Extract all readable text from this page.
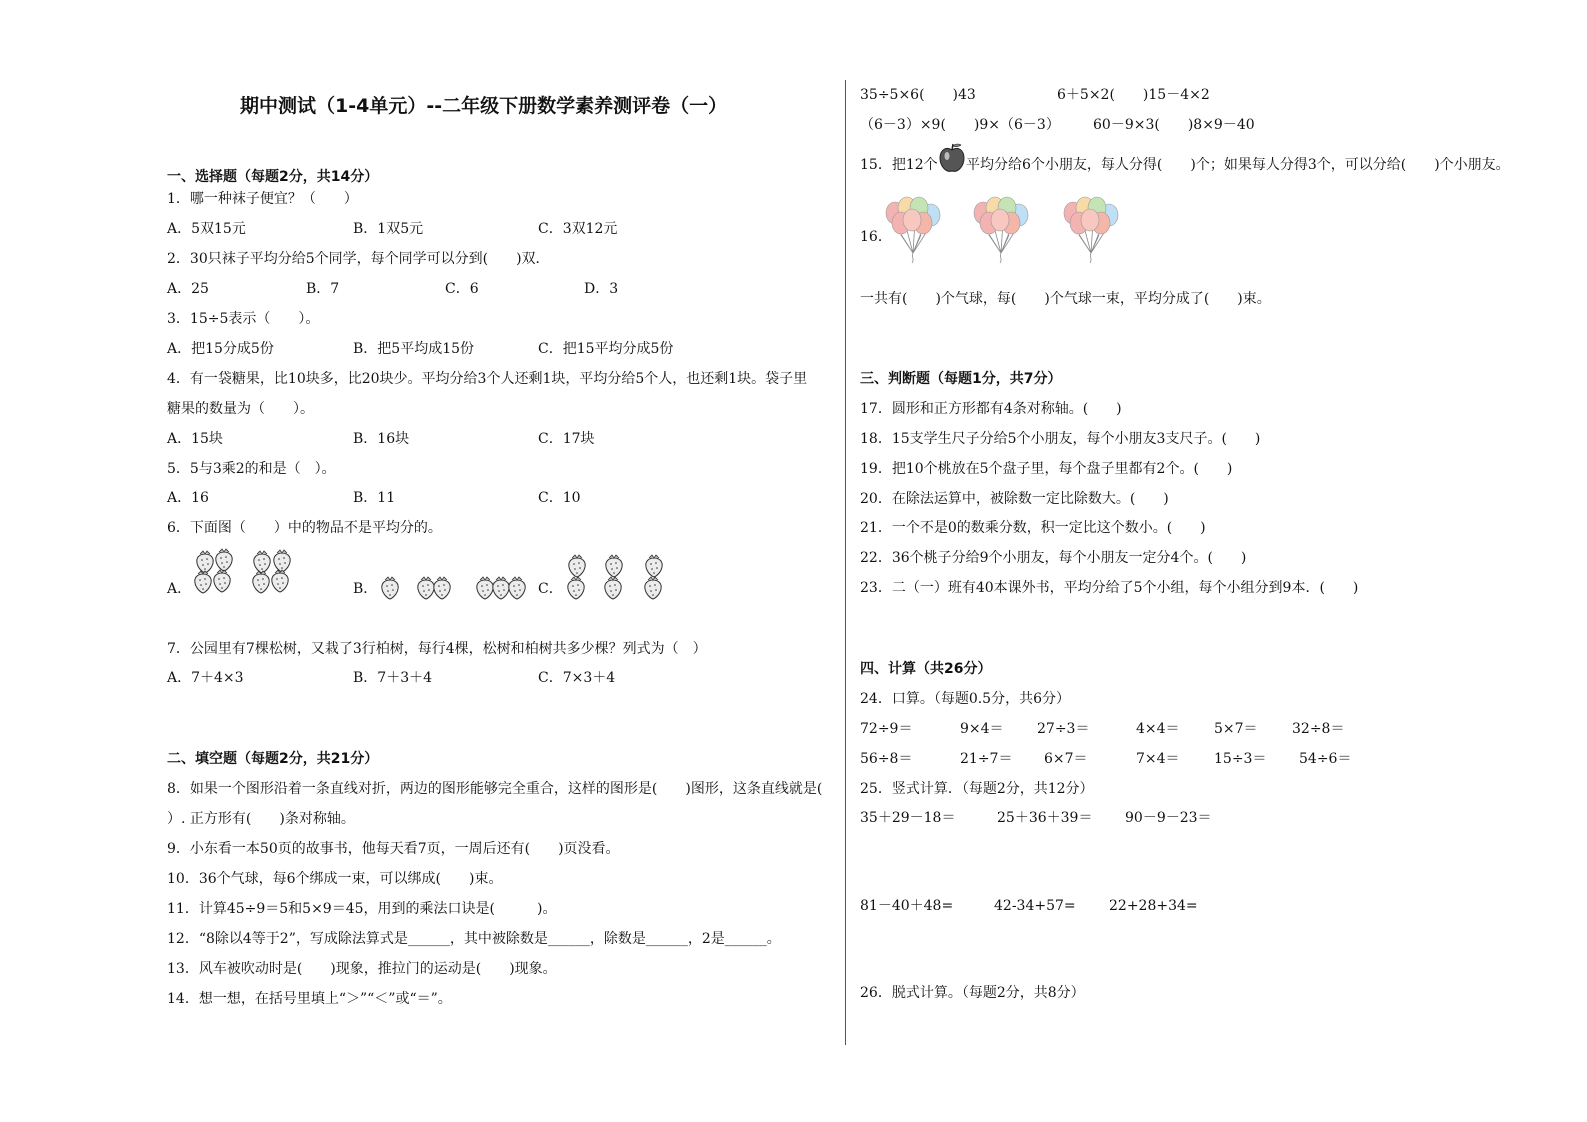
期中测试（1-4单元）--二年级下册数学素养测评卷（一）
一、选择题（每题2分，共14分）
1．哪一种袜子便宜？（　　）
A．5双15元	B．1双5元	C．3双12元
2．30只袜子平均分给5个同学，每个同学可以分到(　　)双．
A．25	B．7	C．6	D．3
3．15÷5表示（　　）。
A．把15分成5份	B．把5平均成15份	C．把15平均分成5份
4．有一袋糖果，比10块多，比20块少。平均分给3个人还剩1块，平均分给5个人，也还剩1块。袋子里
糖果的数量为（　　）。
A．15块	B．16块	C．17块
5．5与3乘2的和是（　）。
A．16	B．11	C．10
6．下面图（　　）中的物品不是平均分的。
A．	B．	C．
7．公园里有7棵松树，又栽了3行柏树，每行4棵，松树和柏树共多少棵？列式为（　）
A．7＋4×3	B．7＋3＋4	C．7×3＋4
二、填空题（每题2分，共21分）
8．如果一个图形沿着一条直线对折，两边的图形能够完全重合，这样的图形是(　　)图形，这条直线就是(
）. 正方形有(　　)条对称轴。
9．小东看一本50页的故事书，他每天看7页，一周后还有(　　)页没看。
10．36个气球，每6个绑成一束，可以绑成(　　)束。
11．计算45÷9＝5和5×9＝45，用到的乘法口诀是(　　　)。
12．“8除以4等于2”，写成除法算式是______，其中被除数是______，除数是______，2是______。
13．风车被吹动时是(　　)现象，推拉门的运动是(　　)现象。
14．想一想，在括号里填上“＞”“＜”或“＝”。
35÷5×6(　　)43	6＋5×2(　　)15－4×2
（6－3）×9(　　)9×（6－3） 60－9×3(　　)8×9－40
15．把12个 平均分给6个小朋友，每人分得(　　)个；如果每人分得3个，可以分给(　　)个小朋友。
16．
一共有(　　)个气球，每(　　)个气球一束，平均分成了(　　)束。
三、判断题（每题1分，共7分）
17．圆形和正方形都有4条对称轴。(　　)
18．15支学生尺子分给5个小朋友，每个小朋友3支尺子。(　　)
19．把10个桃放在5个盘子里，每个盘子里都有2个。(　　)
20．在除法运算中，被除数一定比除数大。(　　)
21．一个不是0的数乘分数，积一定比这个数小。(　　)
22．36个桃子分给9个小朋友，每个小朋友一定分4个。(　　)
23．二（一）班有40本课外书，平均分给了5个小组，每个小组分到9本．(　　)
四、计算（共26分）
24．口算。（每题0.5分，共6分）
72÷9＝	9×4＝ 27÷3＝	4×4＝ 5×7＝ 32÷8＝
56÷8＝	21÷7＝ 6×7＝	7×4＝ 15÷3＝ 54÷6＝
25．竖式计算．（每题2分，共12分）
35＋29－18＝	25＋36＋39＝ 90－9－23＝
81－40＋48=	42-34+57= 22+28+34=
26．脱式计算。（每题2分，共8分）
